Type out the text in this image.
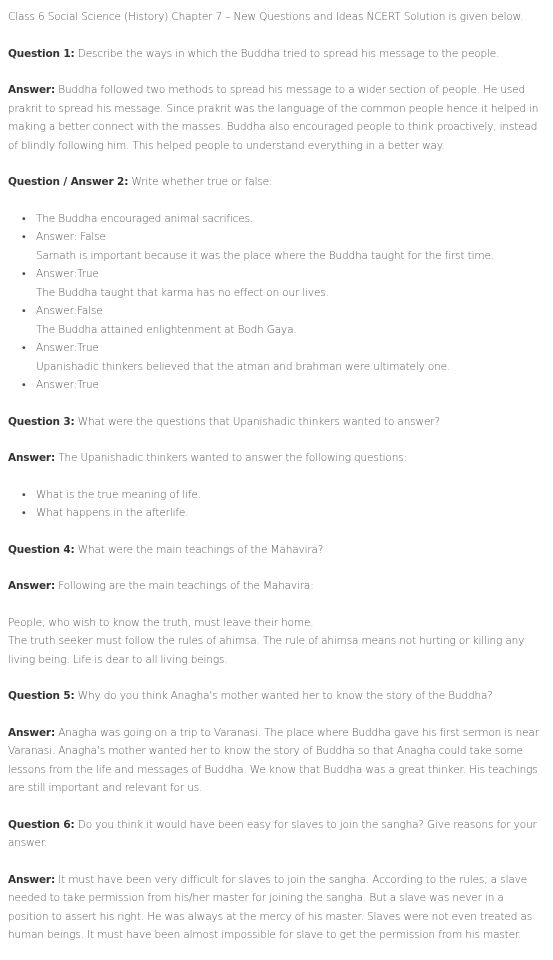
Class 6 Social Science (History) Chapter 7 – New Questions and Ideas NCERT Solution is given below.

Question 1: Describe the ways in which the Buddha tried to spread his message to the people.

Answer: Buddha followed two methods to spread his message to a wider section of people. He used prakrit to spread his message. Since prakrit was the language of the common people hence it helped in making a better connect with the masses. Buddha also encouraged people to think proactively, instead of blindly following him. This helped people to understand everything in a better way.

Question / Answer 2: Write whether true or false:

• The Buddha encouraged animal sacrifices.
• Answer: False
Sarnath is important because it was the place where the Buddha taught for the first time.
• Answer:True
The Buddha taught that karma has no effect on our lives.
• Answer:False
The Buddha attained enlightenment at Bodh Gaya.
• Answer:True
Upanishadic thinkers believed that the atman and brahman were ultimately one.
• Answer:True

Question 3: What were the questions that Upanishadic thinkers wanted to answer?

Answer: The Upanishadic thinkers wanted to answer the following questions:

• What is the true meaning of life.
• What happens in the afterlife.

Question 4: What were the main teachings of the Mahavira?

Answer: Following are the main teachings of the Mahavira:

People, who wish to know the truth, must leave their home.
The truth seeker must follow the rules of ahimsa. The rule of ahimsa means not hurting or killing any living being. Life is dear to all living beings.

Question 5: Why do you think Anagha's mother wanted her to know the story of the Buddha?

Answer: Anagha was going on a trip to Varanasi. The place where Buddha gave his first sermon is near Varanasi. Anagha's mother wanted her to know the story of Buddha so that Anagha could take some lessons from the life and messages of Buddha. We know that Buddha was a great thinker. His teachings are still important and relevant for us.

Question 6: Do you think it would have been easy for slaves to join the sangha? Give reasons for your answer.

Answer: It must have been very difficult for slaves to join the sangha. According to the rules; a slave needed to take permission from his/her master for joining the sangha. But a slave was never in a position to assert his right. He was always at the mercy of his master. Slaves were not even treated as human beings. It must have been almost impossible for slave to get the permission from his master.
